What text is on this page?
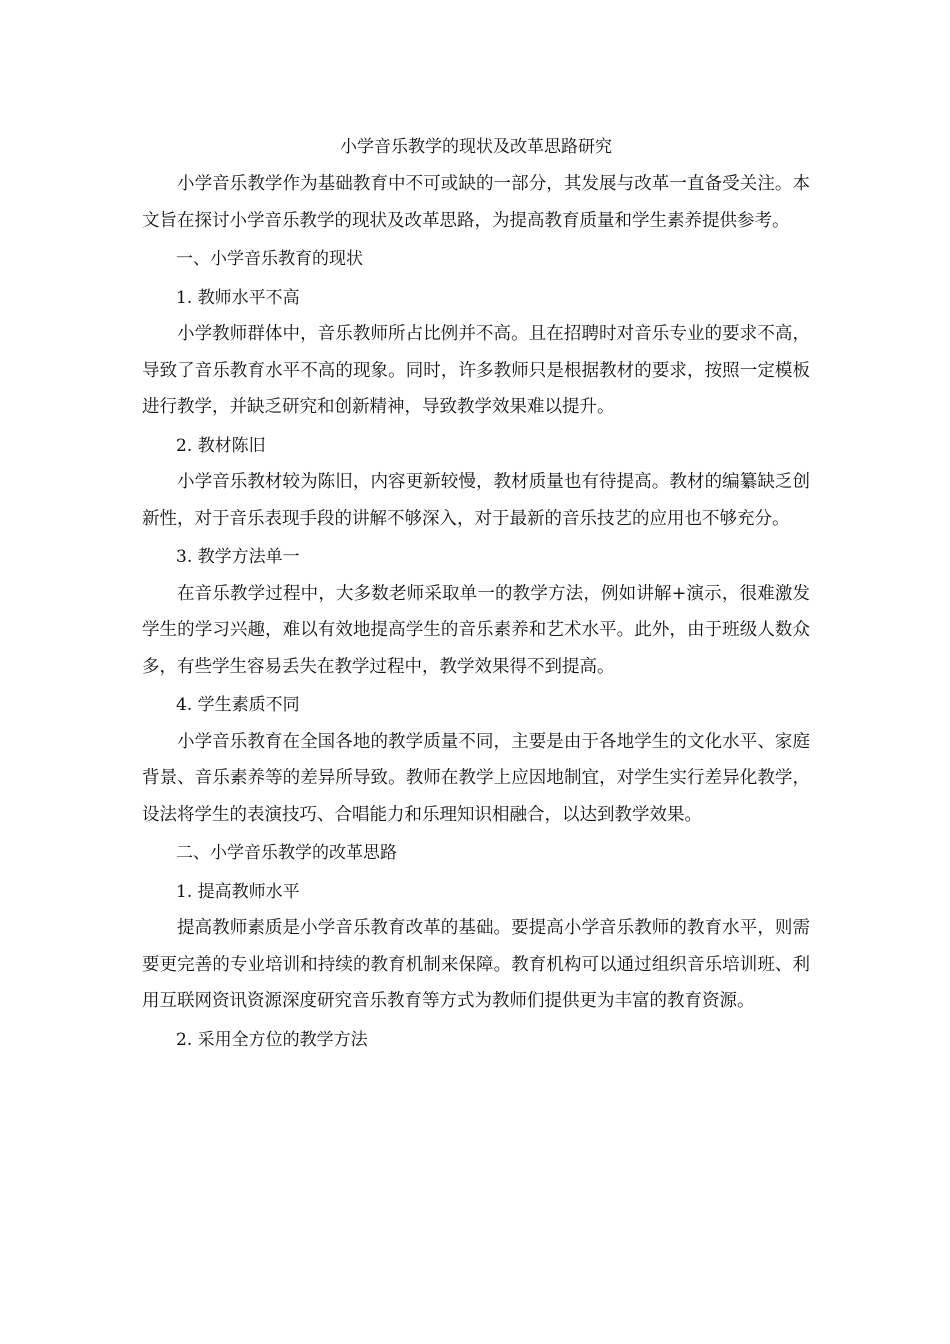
小学音乐教学的现状及改革思路研究

小学音乐教学作为基础教育中不可或缺的一部分，其发展与改革一直备受关注。本文旨在探讨小学音乐教学的现状及改革思路，为提高教育质量和学生素养提供参考。

一、小学音乐教育的现状

1. 教师水平不高

小学教师群体中，音乐教师所占比例并不高。且在招聘时对音乐专业的要求不高，导致了音乐教育水平不高的现象。同时，许多教师只是根据教材的要求，按照一定模板进行教学，并缺乏研究和创新精神，导致教学效果难以提升。

2. 教材陈旧

小学音乐教材较为陈旧，内容更新较慢，教材质量也有待提高。教材的编纂缺乏创新性，对于音乐表现手段的讲解不够深入，对于最新的音乐技艺的应用也不够充分。

3. 教学方法单一

在音乐教学过程中，大多数老师采取单一的教学方法，例如讲解+演示，很难激发学生的学习兴趣，难以有效地提高学生的音乐素养和艺术水平。此外，由于班级人数众多，有些学生容易丢失在教学过程中，教学效果得不到提高。

4. 学生素质不同

小学音乐教育在全国各地的教学质量不同，主要是由于各地学生的文化水平、家庭背景、音乐素养等的差异所导致。教师在教学上应因地制宜，对学生实行差异化教学，设法将学生的表演技巧、合唱能力和乐理知识相融合，以达到教学效果。

二、小学音乐教学的改革思路

1. 提高教师水平

提高教师素质是小学音乐教育改革的基础。要提高小学音乐教师的教育水平，则需要更完善的专业培训和持续的教育机制来保障。教育机构可以通过组织音乐培训班、利用互联网资讯资源深度研究音乐教育等方式为教师们提供更为丰富的教育资源。

2. 采用全方位的教学方法
